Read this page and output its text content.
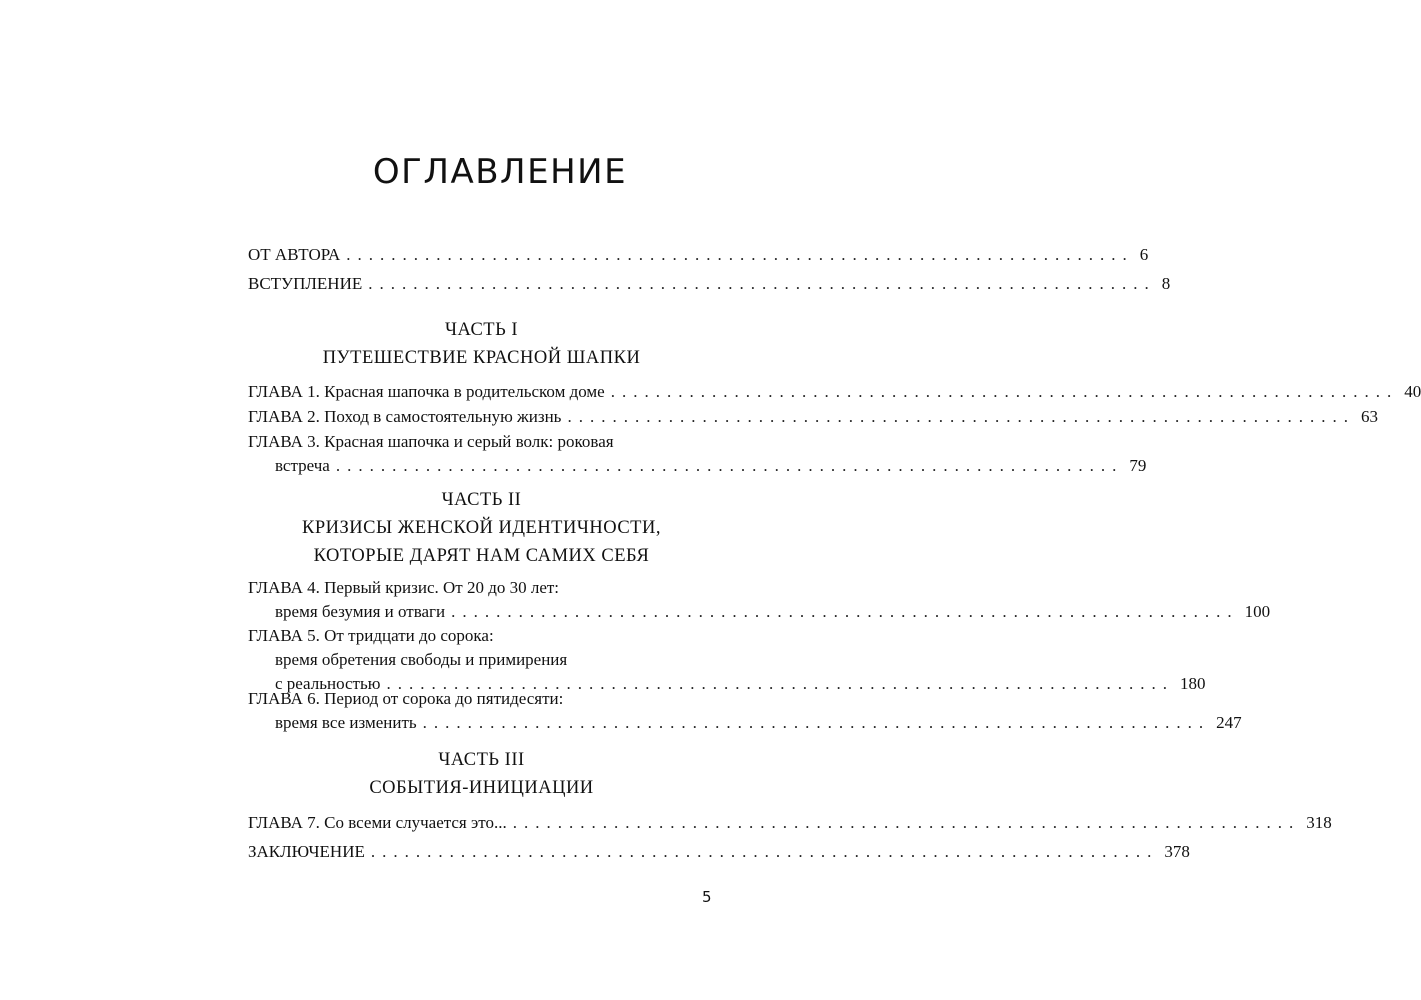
ОГЛАВЛЕНИЕ
ОТ АВТОРА ...................................................................... 6
ВСТУПЛЕНИЕ ...................................................................... 8
ЧАСТЬ I
ПУТЕШЕСТВИЕ КРАСНОЙ ШАПКИ
ГЛАВА 1. Красная шапочка в родительском доме ...................................................................... 40
ГЛАВА 2. Поход в самостоятельную жизнь ...................................................................... 63
ГЛАВА 3. Красная шапочка и серый волк: роковая
встреча ...................................................................... 79
ЧАСТЬ II
КРИЗИСЫ ЖЕНСКОЙ ИДЕНТИЧНОСТИ,
КОТОРЫЕ ДАРЯТ НАМ САМИХ СЕБЯ
ГЛАВА 4. Первый кризис. От 20 до 30 лет:
время безумия и отваги ...................................................................... 100
ГЛАВА 5. От тридцати до сорока:
время обретения свободы и примирения
с реальностью ...................................................................... 180
ГЛАВА 6. Период от сорока до пятидесяти:
время все изменить ...................................................................... 247
ЧАСТЬ III
СОБЫТИЯ-ИНИЦИАЦИИ
ГЛАВА 7. Со всеми случается это... ...................................................................... 318
ЗАКЛЮЧЕНИЕ ...................................................................... 378
5
